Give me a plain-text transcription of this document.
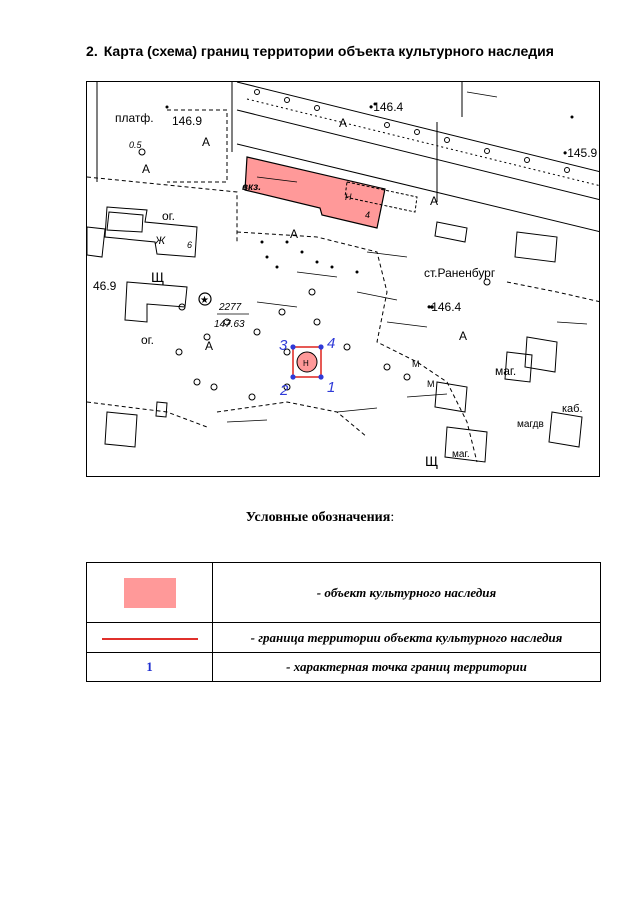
2. Карта (схема) границ территории объекта культурного наследия
вкз.
Н
4
Н
3	4
2	1
★
2277
147.63
платф.
0.5
146.9
•146.4
•146.4
•145.9
46.9
A
A
A
A
A
A
A
ог.
ог.
Ж 6
Щ
Щ
ст.Раненбург
маг.
маг.
магдв
каб.
М
М
Условные обозначения:
	- объект культурного наследия
	- граница территории объекта культурного наследия
1	- характерная точка границ территории
